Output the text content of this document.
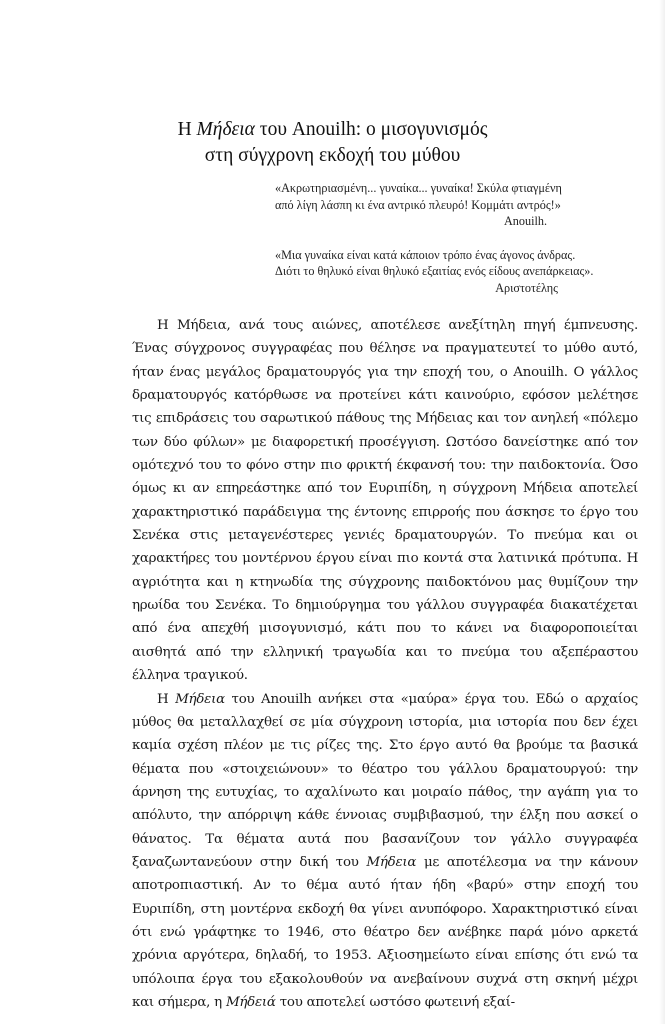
Η Μήδεια του Anouilh: ο μισογυνισμός
στη σύγχρονη εκδοχή του μύθου
«Ακρωτηριασμένη... γυναίκα... γυναίκα! Σκύλα φτιαγμένη
από λίγη λάσπη κι ένα αντρικό πλευρό! Κομμάτι αντρός!»
Anouilh.
«Μια γυναίκα είναι κατά κάποιον τρόπο ένας άγονος άνδρας.
Διότι το θηλυκό είναι θηλυκό εξαιτίας ενός είδους ανεπάρκειας».
Αριστοτέλης

Η Μήδεια, ανά τους αιώνες, αποτέλεσε ανεξίτηλη πηγή έμπνευσης. Ένας σύγχρονος συγγραφέας που θέλησε να πραγματευτεί το μύθο αυτό, ήταν ένας μεγάλος δραματουργός για την εποχή του, ο Anouilh. Ο γάλλος δραματουργός κατόρθωσε να προτείνει κάτι καινούριο, εφόσον μελέτησε τις επιδράσεις του σαρωτικού πάθους της Μήδειας και τον ανηλεή «πόλεμο των δύο φύλων» με διαφορετική προσέγγιση. Ωστόσο δανείστηκε από τον ομότεχνό του το φόνο στην πιο φρικτή έκφανσή του: την παιδοκτονία. Όσο όμως κι αν επηρεάστηκε από τον Ευριπίδη, η σύγχρονη Μήδεια αποτελεί χαρακτηριστικό παράδειγμα της έντονης επιρροής που άσκησε το έργο του Σενέκα στις μεταγενέστερες γενιές δραματουργών. Το πνεύμα και οι χαρακτήρες του μοντέρνου έργου είναι πιο κοντά στα λατινικά πρότυπα. Η αγριότητα και η κτηνωδία της σύγχρονης παιδοκτόνου μας θυμίζουν την ηρωίδα του Σενέκα. Το δημιούργημα του γάλλου συγγραφέα διακατέχεται από ένα απεχθή μισογυνισμό, κάτι που το κάνει να διαφοροποιείται αισθητά από την ελληνική τραγωδία και το πνεύμα του αξεπέραστου έλληνα τραγικού.

Η Μήδεια του Anouilh ανήκει στα «μαύρα» έργα του. Εδώ ο αρχαίος μύθος θα μεταλλαχθεί σε μία σύγχρονη ιστορία, μια ιστορία που δεν έχει καμία σχέση πλέον με τις ρίζες της. Στο έργο αυτό θα βρούμε τα βασικά θέματα που «στοιχειώνουν» το θέατρο του γάλλου δραματουργού: την άρνηση της ευτυχίας, το αχαλίνωτο και μοιραίο πάθος, την αγάπη για το απόλυτο, την απόρριψη κάθε έννοιας συμβιβασμού, την έλξη που ασκεί ο θάνατος. Τα θέματα αυτά που βασανίζουν τον γάλλο συγγραφέα ξαναζωντανεύουν στην δική του Μήδεια με αποτέλεσμα να την κάνουν αποτροπιαστική. Αν το θέμα αυτό ήταν ήδη «βαρύ» στην εποχή του Ευριπίδη, στη μοντέρνα εκδοχή θα γίνει ανυπόφορο. Χαρακτηριστικό είναι ότι ενώ γράφτηκε το 1946, στο θέατρο δεν ανέβηκε παρά μόνο αρκετά χρόνια αργότερα, δηλαδή, το 1953. Αξιοσημείωτο είναι επίσης ότι ενώ τα υπόλοιπα έργα του εξακολουθούν να ανεβαίνουν συχνά στη σκηνή μέχρι και σήμερα, η Μήδειά του αποτελεί ωστόσο φωτεινή εξαί-
